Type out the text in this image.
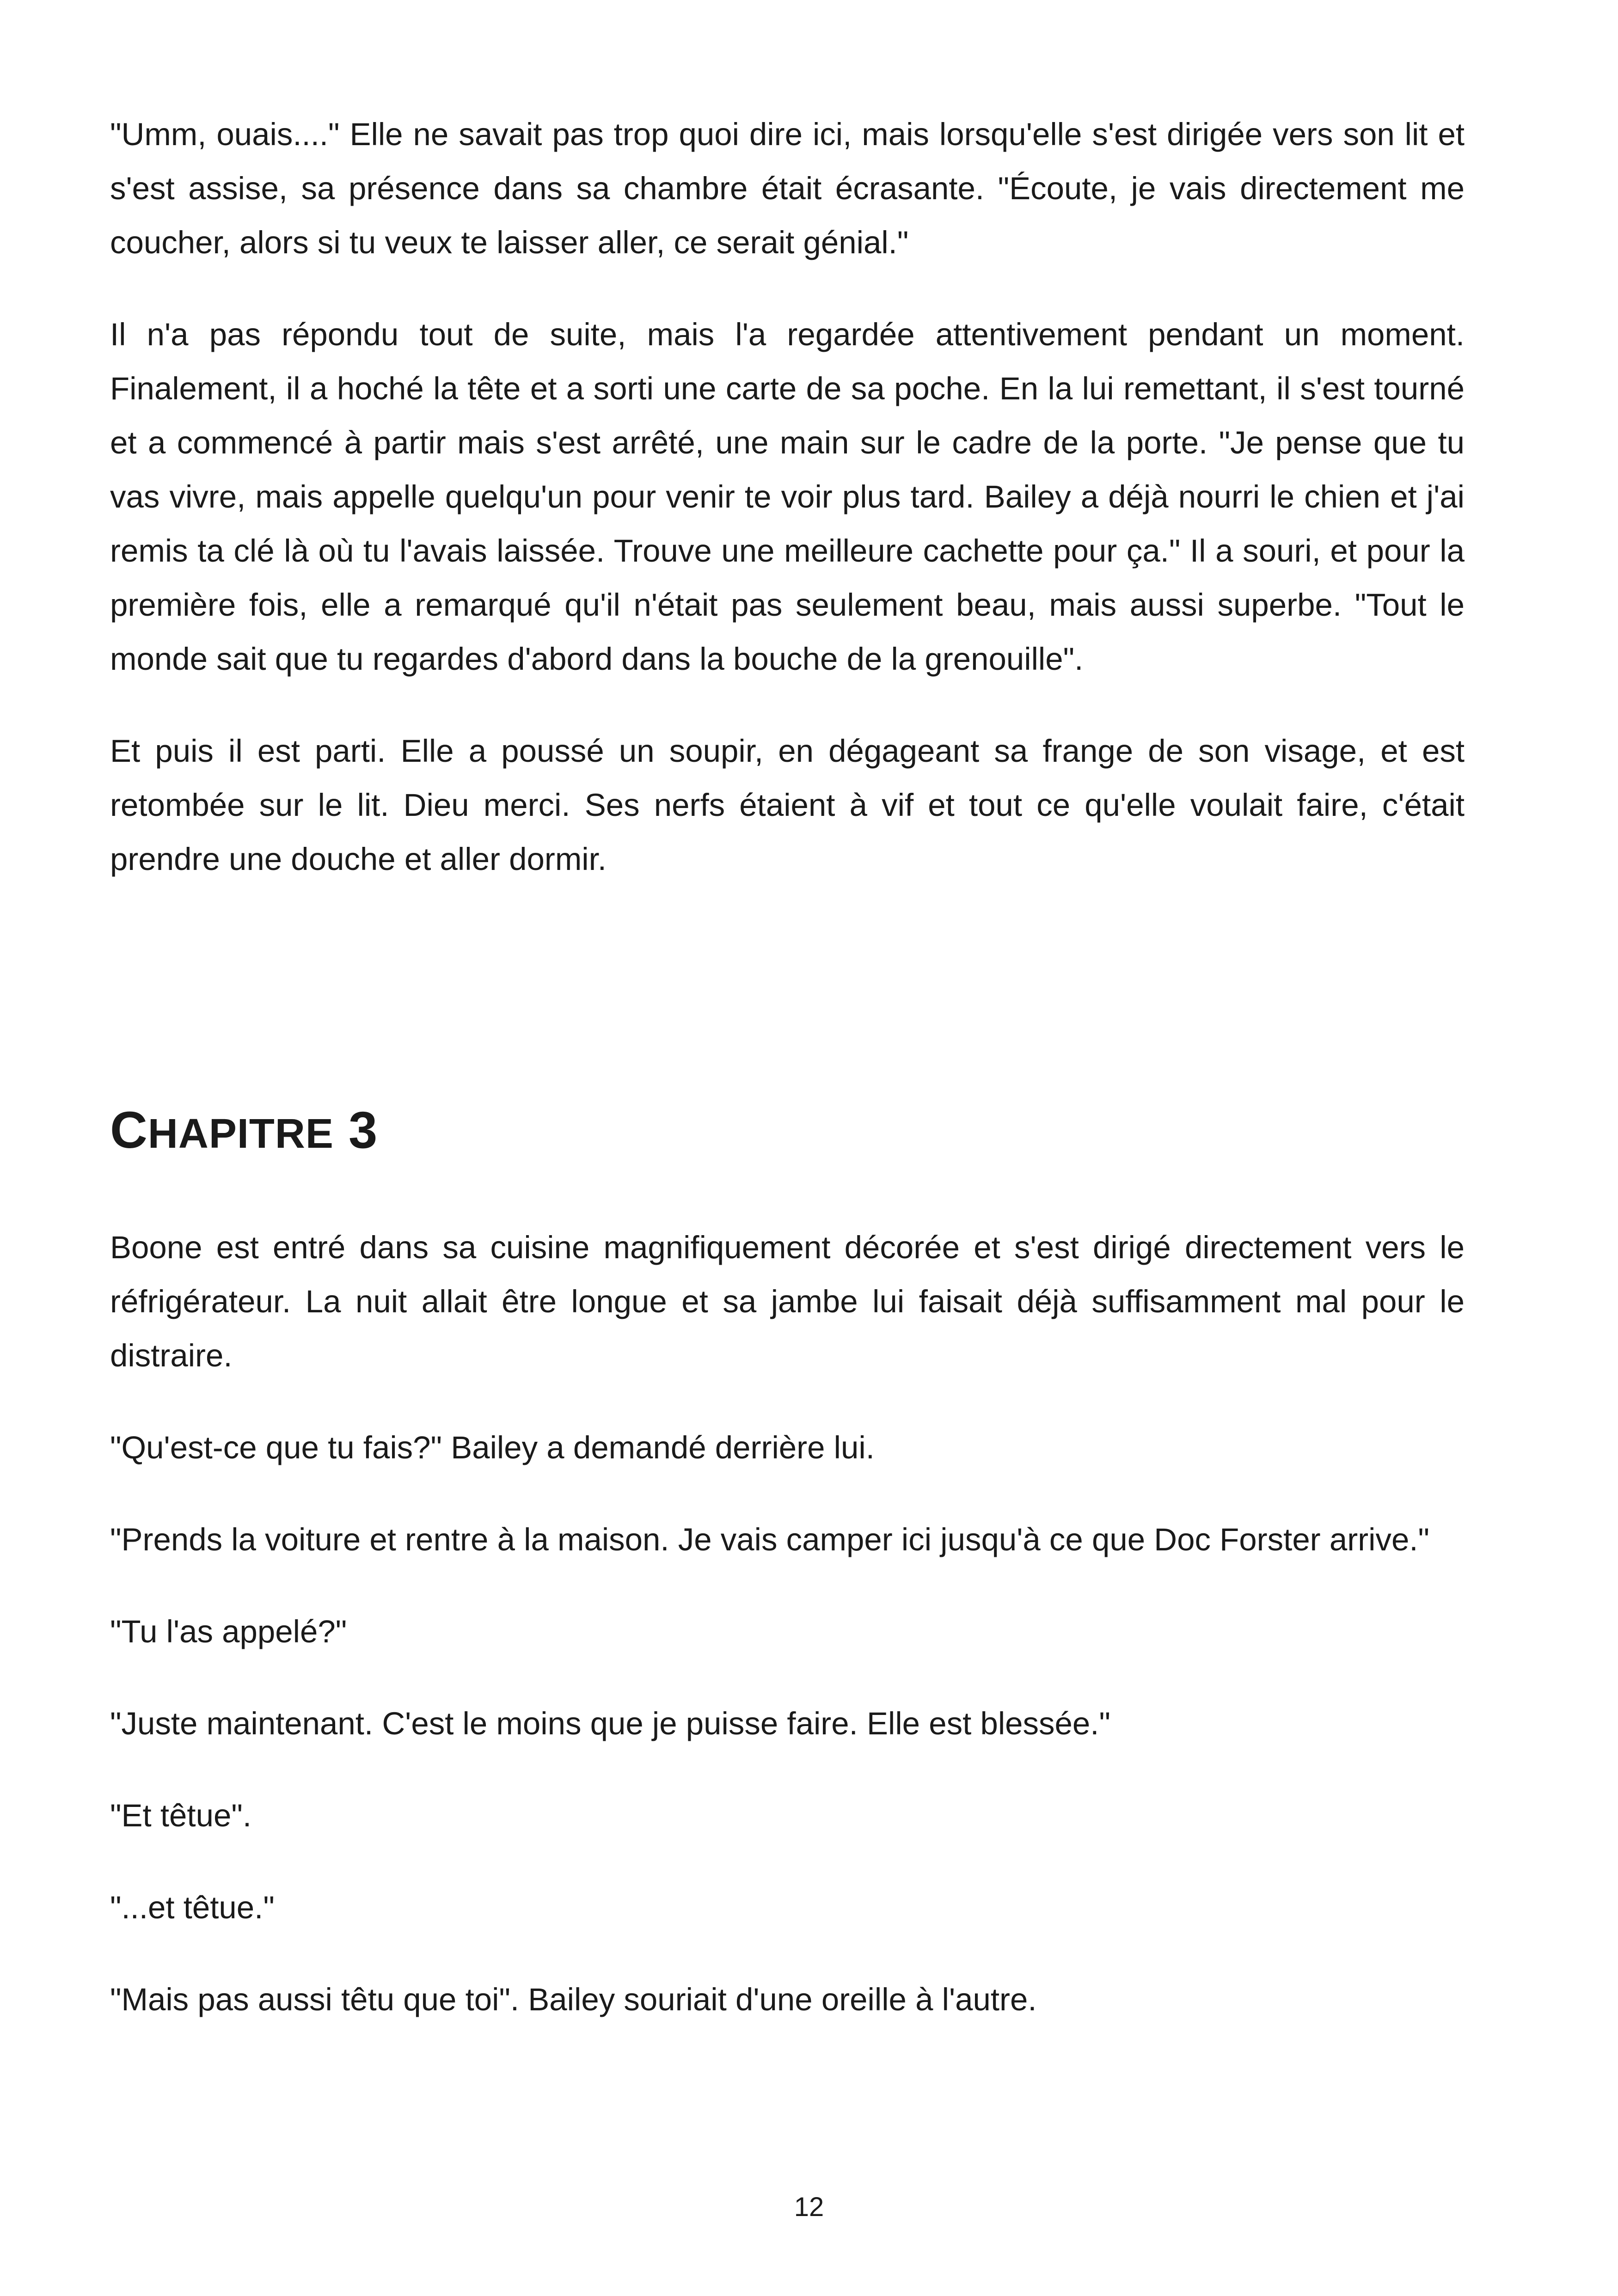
"Umm, ouais...." Elle ne savait pas trop quoi dire ici, mais lorsqu'elle s'est dirigée vers son lit et s'est assise, sa présence dans sa chambre était écrasante. "Écoute, je vais directement me coucher, alors si tu veux te laisser aller, ce serait génial."

Il n'a pas répondu tout de suite, mais l'a regardée attentivement pendant un moment. Finalement, il a hoché la tête et a sorti une carte de sa poche. En la lui remettant, il s'est tourné et a commencé à partir mais s'est arrêté, une main sur le cadre de la porte. "Je pense que tu vas vivre, mais appelle quelqu'un pour venir te voir plus tard. Bailey a déjà nourri le chien et j'ai remis ta clé là où tu l'avais laissée. Trouve une meilleure cachette pour ça." Il a souri, et pour la première fois, elle a remarqué qu'il n'était pas seulement beau, mais aussi superbe. "Tout le monde sait que tu regardes d'abord dans la bouche de la grenouille".

Et puis il est parti. Elle a poussé un soupir, en dégageant sa frange de son visage, et est retombée sur le lit. Dieu merci. Ses nerfs étaient à vif et tout ce qu'elle voulait faire, c'était prendre une douche et aller dormir.

CHAPITRE 3

Boone est entré dans sa cuisine magnifiquement décorée et s'est dirigé directement vers le réfrigérateur. La nuit allait être longue et sa jambe lui faisait déjà suffisamment mal pour le distraire.

"Qu'est-ce que tu fais?" Bailey a demandé derrière lui.

"Prends la voiture et rentre à la maison. Je vais camper ici jusqu'à ce que Doc Forster arrive."

"Tu l'as appelé?"

"Juste maintenant. C'est le moins que je puisse faire. Elle est blessée."

"Et têtue".

"...et têtue."

"Mais pas aussi têtu que toi". Bailey souriait d'une oreille à l'autre.

12
